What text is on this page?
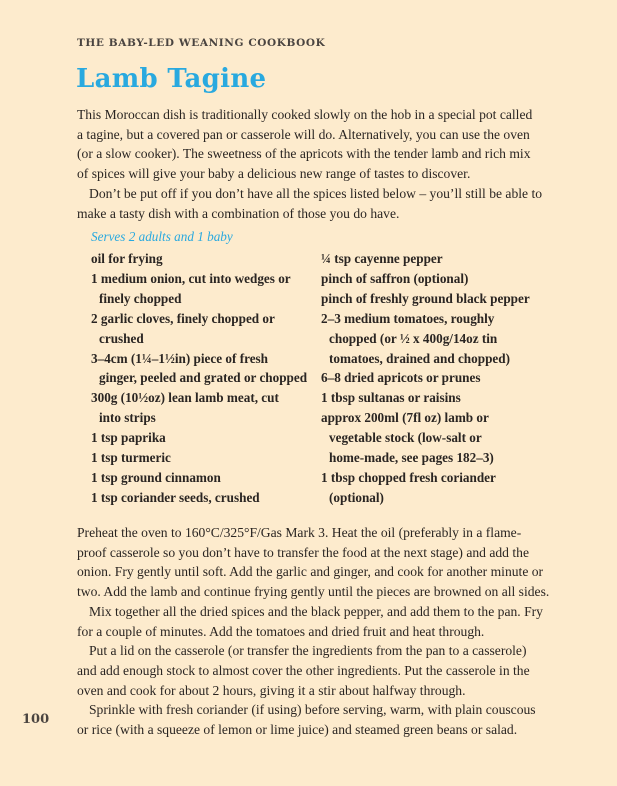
THE BABY-LED WEANING COOKBOOK
Lamb Tagine
This Moroccan dish is traditionally cooked slowly on the hob in a special pot called
a tagine, but a covered pan or casserole will do. Alternatively, you can use the oven
(or a slow cooker). The sweetness of the apricots with the tender lamb and rich mix
of spices will give your baby a delicious new range of tastes to discover.
Don’t be put off if you don’t have all the spices listed below – you’ll still be able to
make a tasty dish with a combination of those you do have.
Serves 2 adults and 1 baby
oil for frying
1 medium onion, cut into wedges or
finely chopped
2 garlic cloves, finely chopped or
crushed
3–4cm (1¼–1½in) piece of fresh
ginger, peeled and grated or chopped
300g (10½oz) lean lamb meat, cut
into strips
1 tsp paprika
1 tsp turmeric
1 tsp ground cinnamon
1 tsp coriander seeds, crushed
¼ tsp cayenne pepper
pinch of saffron (optional)
pinch of freshly ground black pepper
2–3 medium tomatoes, roughly
chopped (or ½ x 400g/14oz tin
tomatoes, drained and chopped)
6–8 dried apricots or prunes
1 tbsp sultanas or raisins
approx 200ml (7fl oz) lamb or
vegetable stock (low-salt or
home-made, see pages 182–3)
1 tbsp chopped fresh coriander
(optional)
Preheat the oven to 160°C/325°F/Gas Mark 3. Heat the oil (preferably in a flame-
proof casserole so you don’t have to transfer the food at the next stage) and add the
onion. Fry gently until soft. Add the garlic and ginger, and cook for another minute or
two. Add the lamb and continue frying gently until the pieces are browned on all sides.
Mix together all the dried spices and the black pepper, and add them to the pan. Fry
for a couple of minutes. Add the tomatoes and dried fruit and heat through.
Put a lid on the casserole (or transfer the ingredients from the pan to a casserole)
and add enough stock to almost cover the other ingredients. Put the casserole in the
oven and cook for about 2 hours, giving it a stir about halfway through.
Sprinkle with fresh coriander (if using) before serving, warm, with plain couscous
or rice (with a squeeze of lemon or lime juice) and steamed green beans or salad.
100
